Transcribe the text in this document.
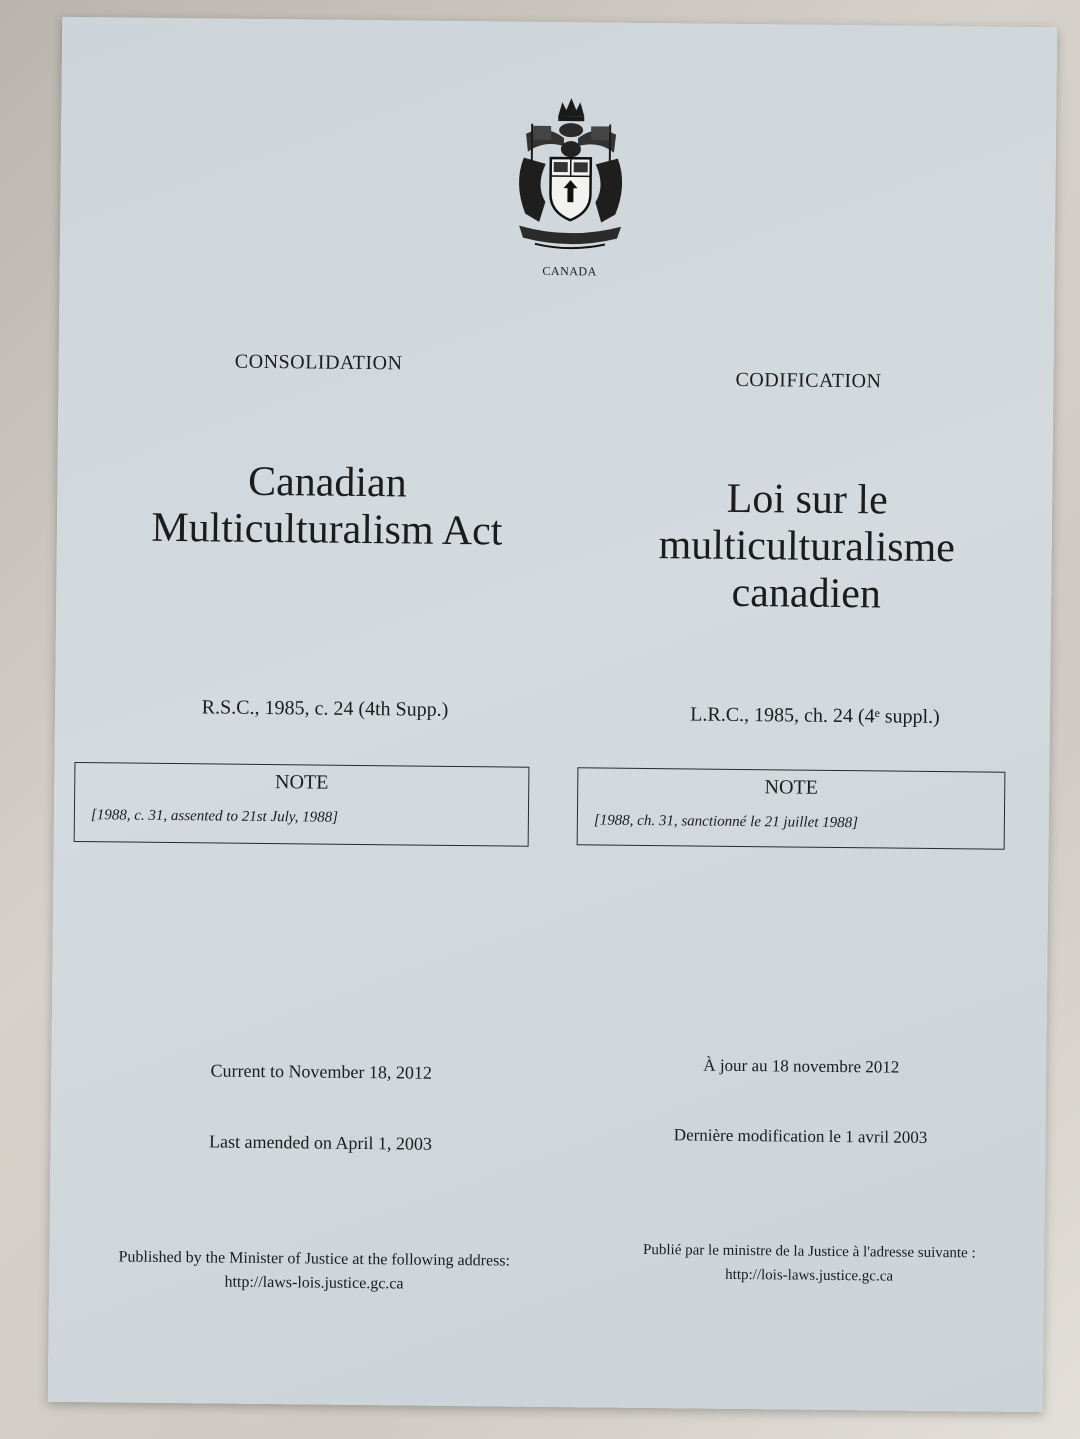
CANADA
CONSOLIDATION
CODIFICATION
Canadian
Multiculturalism Act
Loi sur le
multiculturalisme
canadien
R.S.C., 1985, c. 24 (4th Supp.)	L.R.C., 1985, ch. 24 (4ᵉ suppl.)
NOTE
[1988, c. 31, assented to 21st July, 1988]
NOTE
[1988, ch. 31, sanctionné le 21 juillet 1988]
Current to November 18, 2012	À jour au 18 novembre 2012
Last amended on April 1, 2003	Dernière modification le 1 avril 2003
Published by the Minister of Justice at the following address:
http://laws-lois.justice.gc.ca
Publié par le ministre de la Justice à l'adresse suivante :
http://lois-laws.justice.gc.ca
